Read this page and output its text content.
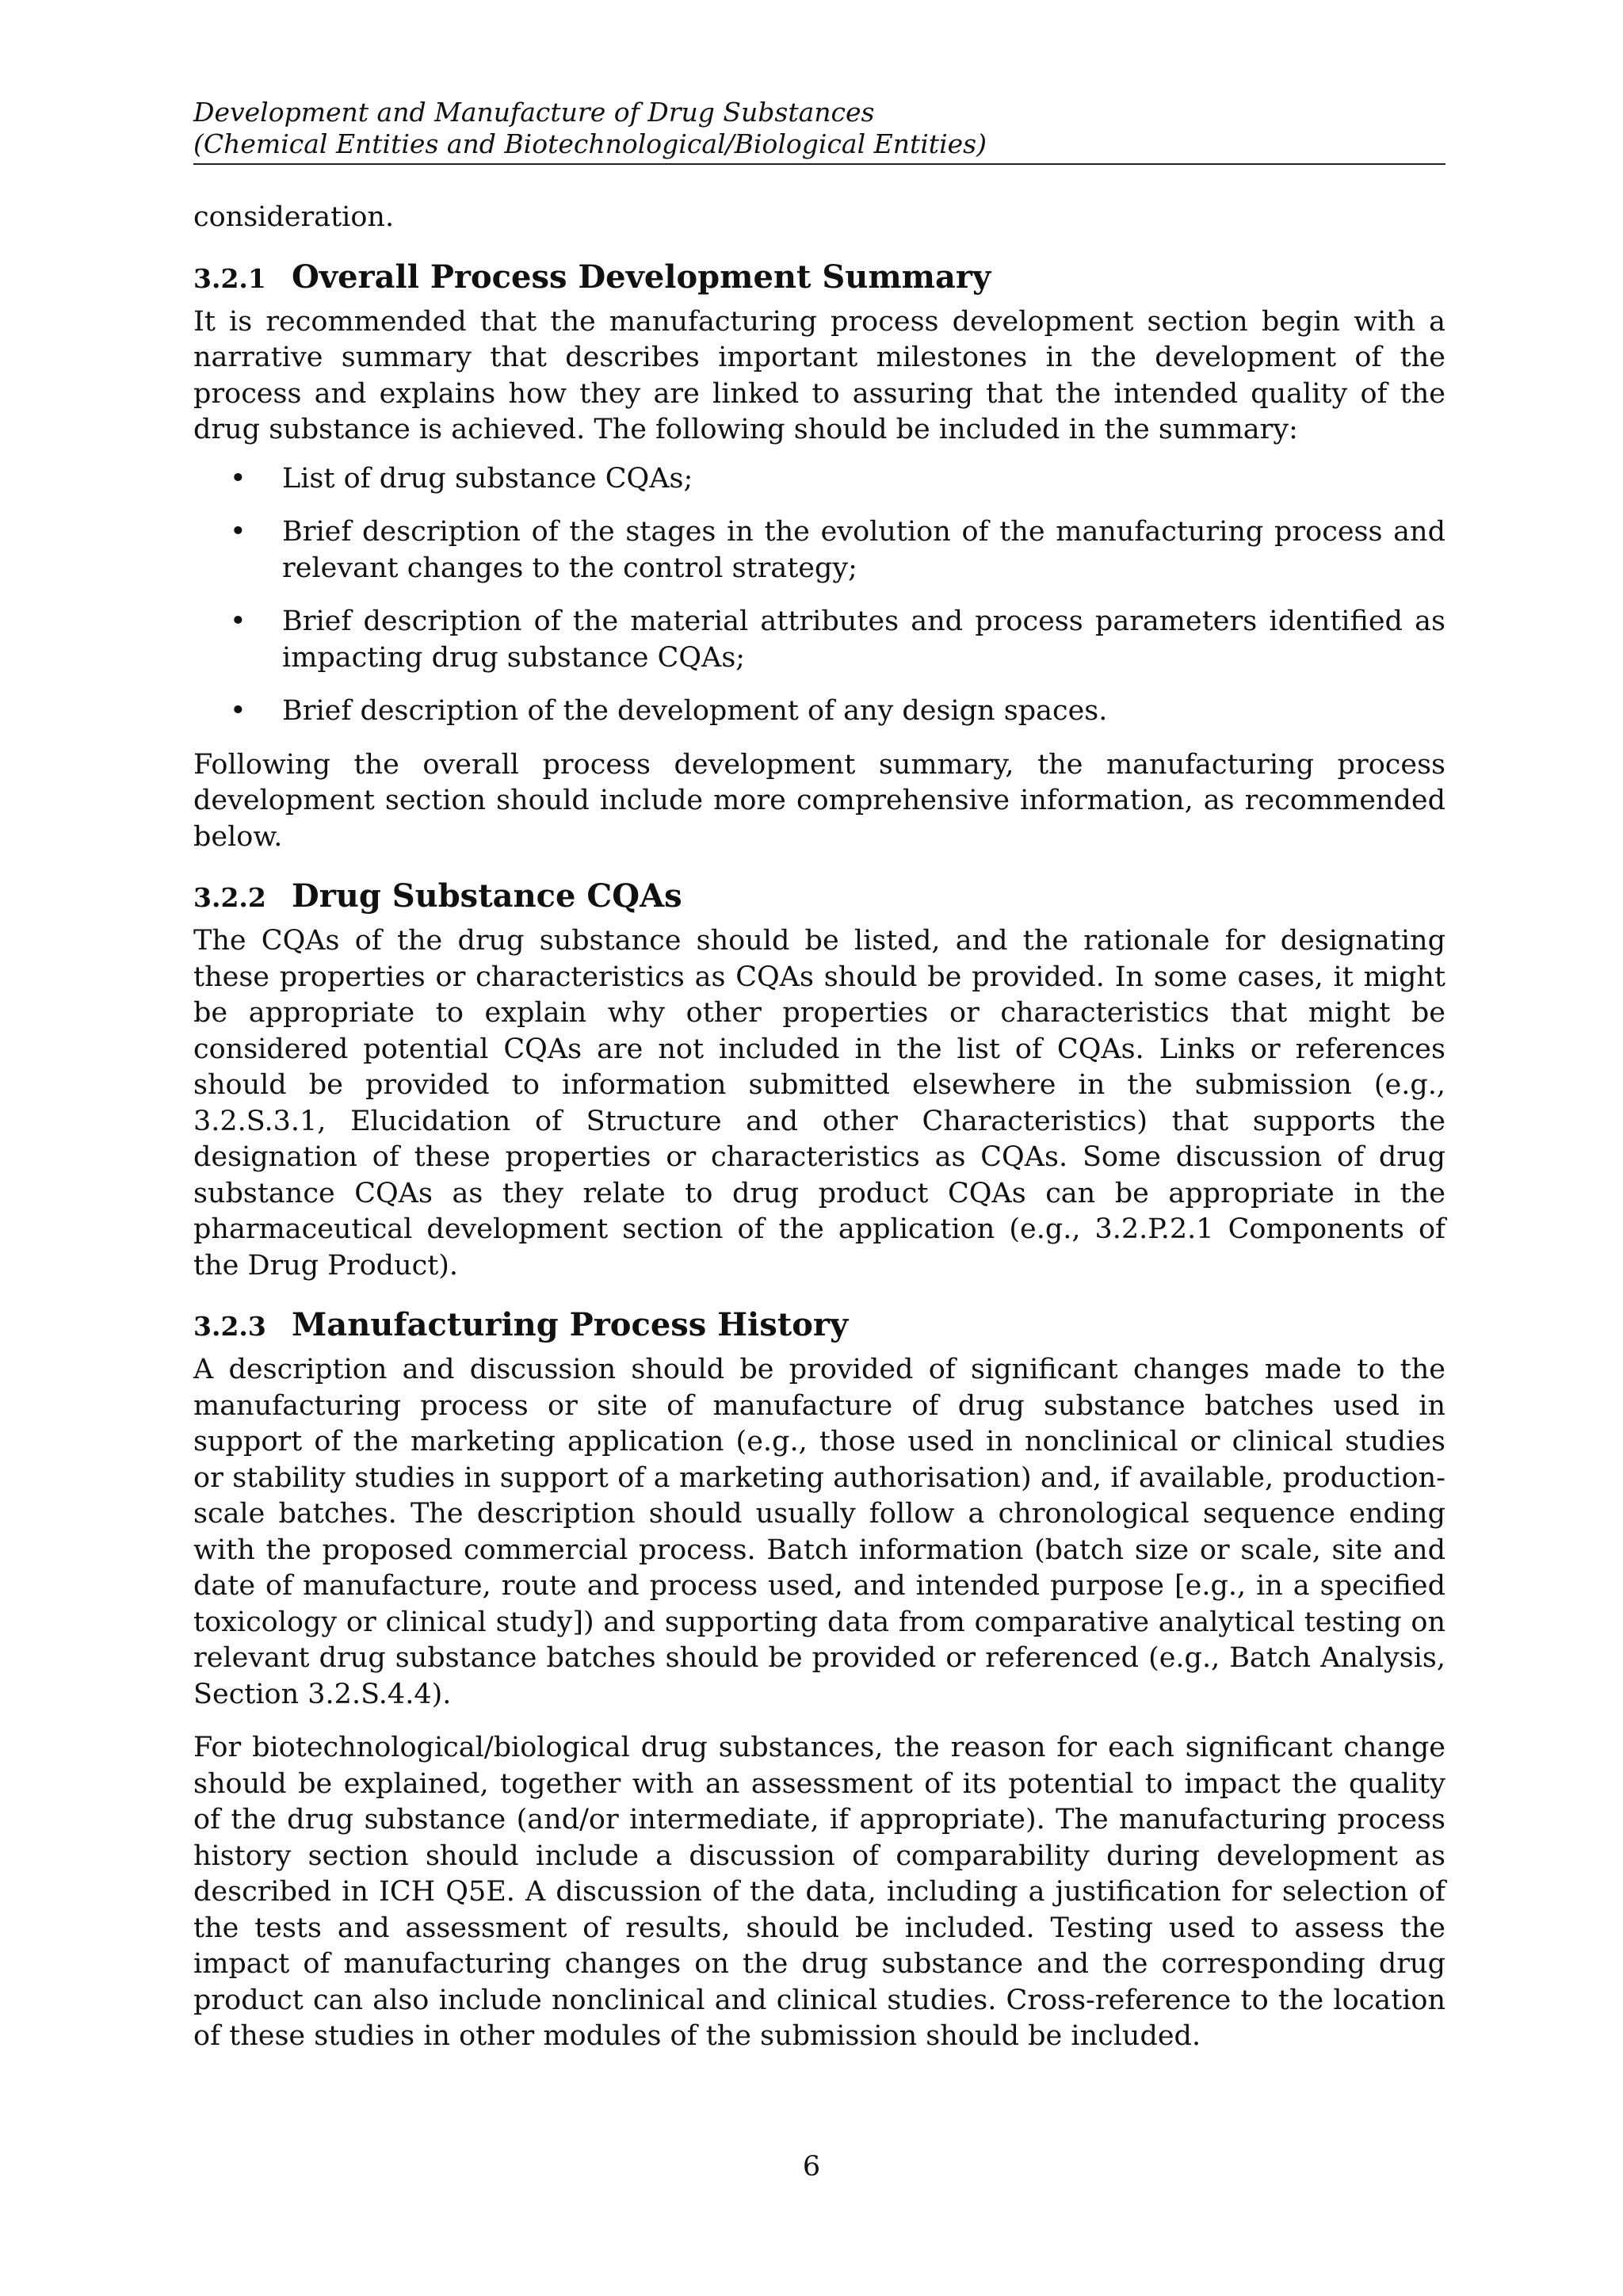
Development and Manufacture of Drug Substances
(Chemical Entities and Biotechnological/Biological Entities)

consideration.

3.2.1 Overall Process Development Summary

It is recommended that the manufacturing process development section begin with a narrative summary that describes important milestones in the development of the process and explains how they are linked to assuring that the intended quality of the drug substance is achieved. The following should be included in the summary:

• List of drug substance CQAs;
• Brief description of the stages in the evolution of the manufacturing process and relevant changes to the control strategy;
• Brief description of the material attributes and process parameters identified as impacting drug substance CQAs;
• Brief description of the development of any design spaces.

Following the overall process development summary, the manufacturing process development section should include more comprehensive information, as recommended below.

3.2.2 Drug Substance CQAs

The CQAs of the drug substance should be listed, and the rationale for designating these properties or characteristics as CQAs should be provided. In some cases, it might be appropriate to explain why other properties or characteristics that might be considered potential CQAs are not included in the list of CQAs. Links or references should be provided to information submitted elsewhere in the submission (e.g., 3.2.S.3.1, Elucidation of Structure and other Characteristics) that supports the designation of these properties or characteristics as CQAs. Some discussion of drug substance CQAs as they relate to drug product CQAs can be appropriate in the pharmaceutical development section of the application (e.g., 3.2.P.2.1 Components of the Drug Product).

3.2.3 Manufacturing Process History

A description and discussion should be provided of significant changes made to the manufacturing process or site of manufacture of drug substance batches used in support of the marketing application (e.g., those used in nonclinical or clinical studies or stability studies in support of a marketing authorisation) and, if available, production-scale batches. The description should usually follow a chronological sequence ending with the proposed commercial process. Batch information (batch size or scale, site and date of manufacture, route and process used, and intended purpose [e.g., in a specified toxicology or clinical study]) and supporting data from comparative analytical testing on relevant drug substance batches should be provided or referenced (e.g., Batch Analysis, Section 3.2.S.4.4).

For biotechnological/biological drug substances, the reason for each significant change should be explained, together with an assessment of its potential to impact the quality of the drug substance (and/or intermediate, if appropriate). The manufacturing process history section should include a discussion of comparability during development as described in ICH Q5E. A discussion of the data, including a justification for selection of the tests and assessment of results, should be included. Testing used to assess the impact of manufacturing changes on the drug substance and the corresponding drug product can also include nonclinical and clinical studies. Cross-reference to the location of these studies in other modules of the submission should be included.

6
